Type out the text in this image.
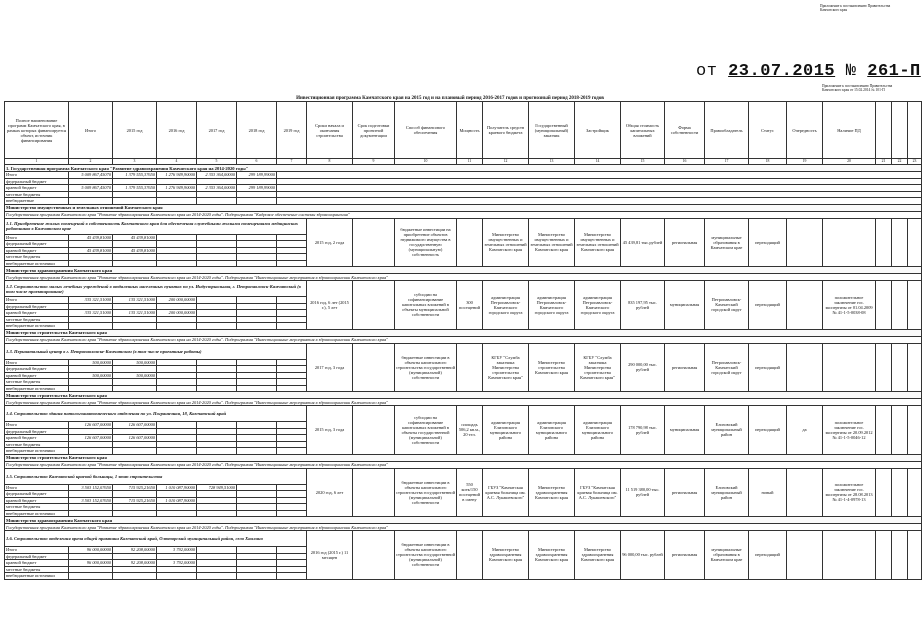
Приложение к постановлению Правительства Камчатского края
от 23.07.2015 № 261-П
Приложение к постановлению Правительства Камчатского края от 15.02.2014 № 101-П
Инвестиционная программа Камчатского края на 2015 год и на плановый период 2016-2017 годов и прогнозный период 2018-2019 годов
Полное наименование программ Камчатского края, в рамках которых финансируется объект, источник финансирования	Итого	2015 год	2016 год	2017 год	2018 год	2019 год	Сроки начала и окончания строительства	Срок подготовки проектной документации	Способ финансового обеспечения	Мощность	Получатель средств краевого бюджета	Государственный (муниципальный) заказчик	Застройщик	Общая стоимость капитальных вложений	Форма собственности	Правообладатель	Статус	Очередность	Наличие ПД			
1	2	3	4	5	6	7	8	9	10	11	12	13	14	15	16	17	18	19	20	21	22	23
1. Государственная программа Камчатского края "Развитие здравоохранения Камчатского края на 2014-2020 годы"																						
Итого	5 009 867,45070	1 379 555,37650	1 276 949,90000	2 353 364,00000	299 189,99000																	
федеральный бюджет																						
краевой бюджет	5 009 867,45070	1 379 555,37650	1 276 949,90000	2 353 364,00000	299 189,99000																	
местные бюджеты																						
внебюджетные																						
Министерство имущественных и земельных отношений Камчатского края																						
Государственная программа Камчатского края "Развитие здравоохранения Камчатского края на 2014-2020 годы". Подпрограмма "Кадровое обеспечение системы здравоохранения"																						
1.1. Приобретение жилых помещений в собственность Камчатского края для обеспечения служебными жилыми помещениями медицинских работников в Камчатском крае							2015 год, 2 года		бюджетные инвестиции на приобретение объектов недвижимого имущества в государственную (муниципальную) собственность		Министерство имущественных и земельных отношений Камчатского края	Министерство имущественных и земельных отношений Камчатского края	Министерство имущественных и земельных отношений Камчатского края	45 439,81 тыс.рублей	региональная	муниципальные образования в Камчатском крае	переходящий					
Итого	45 439,81000	45 439,81000																				
федеральный бюджет																						
краевой бюджет	45 439,81000	45 439,81000																				
местные бюджеты																						
внебюджетные источники																						
Министерство здравоохранения Камчатского края																						
Государственная программа Камчатского края "Развитие здравоохранения Камчатского края на 2014-2020 годы". Подпрограмма "Инвестиционные мероприятия в здравоохранении Камчатского края"																						
1.2. Строительство малых лечебных учреждений в отдаленных населенных пунктах по ул. Индустриальная, г. Петропавловск-Камчатский (в том числе проектирование)							2016 год, 6 лет (2015 г.), 5 лет		субсидии на софинансирование капитальных вложений в объекты муниципальной собственности	300 посещений	администрация Петропавловск-Камчатского городского округа	администрация Петропавловск-Камчатского городского округа	администрация Петропавловск-Камчатского городского округа	835 197,95 тыс. рублей	муниципальная	Петропавловск-Камчатский городской округ	переходящий		положительное заключение гос. экспертизы от 01.04.2009 № 41-1-5-0038-08			
Итого	335 321,51000	135 321,51000	200 000,00000																			
федеральный бюджет																						
краевой бюджет	335 321,51000	135 321,51000	200 000,00000																			
местные бюджеты																						
внебюджетные источники																						
Министерство строительства Камчатского края																						
Государственная программа Камчатского края "Развитие здравоохранения Камчатского края на 2014-2020 годы". Подпрограмма "Инвестиционные мероприятия в здравоохранении Камчатского края"																						
1.3. Перинатальный центр в г. Петропавловске-Камчатском (в том числе проектные работы)							2017 год, 3 года		бюджетные инвестиции в объекты капитального строительства государственной (муниципальной) собственности		КГБУ "Служба заказчика Министерства строительства Камчатского края"	Министерство строительства Камчатского края	КГБУ "Служба заказчика Министерства строительства Камчатского края"	290 000,00 тыс. рублей	региональная	Петропавловск-Камчатский городской округ	переходящий					
Итого	500,00000	500,00000																				
федеральный бюджет																						
краевой бюджет	500,00000	500,00000																				
местные бюджеты																						
внебюджетные источники																						
Министерство строительства Камчатского края																						
Государственная программа Камчатского края "Развитие здравоохранения Камчатского края на 2014-2020 годы". Подпрограмма "Инвестиционные мероприятия в здравоохранении Камчатского края"																						
1.4. Строительство здания патологоанатомического отделения по ул. Пограничная, 18, Камчатский край							2015 год, 3 года		субсидии на софинансирование капитальных вложений в объекты государственной (муниципальной) собственности	площадь 506,2 кв.м., 20 тел.	администрация Елизовского муниципального района	администрация Елизовского муниципального района	администрация Елизовского муниципального района	178 790,98 тыс. рублей	муниципальная	Елизовский муниципальный район	переходящий	да	положительное заключение гос. экспертизы от 20.09.2012 № 41-1-5-0046-12			
Итого	126 607,00000	126 607,00000																				
федеральный бюджет																						
краевой бюджет	126 607,00000	126 607,00000																				
местные бюджеты																						
внебюджетные источники																						
Министерство строительства Камчатского края																						
Государственная программа Камчатского края "Развитие здравоохранения Камчатского края на 2014-2020 годы". Подпрограмма "Инвестиционные мероприятия в здравоохранении Камчатского края"																						
1.5. Строительство Камчатской краевой больницы, 1 этап строительства							2020 год, 6 лет		бюджетные инвестиции в объекты капитального строительства государственной (муниципальной) собственности	550 коек/150 посещений в смену	ГБУЗ "Камчатская краевая больница им. А.С. Лукашевского"	Министерство здравоохранения Камчатского края	ГБУЗ "Камчатская краевая больница им. А.С. Лукашевского"	11 519 380,00 тыс. рублей	региональная	Елизовский муниципальный район	новый		положительное заключение гос. экспертизы от 28.08.2013 № 41-1-4-0978-13			
Итого	3 503 152,07650	715 925,21650	1 010 087,90000	728 949,51000																		
федеральный бюджет																						
краевой бюджет	3 503 152,07650	715 925,21650	1 010 087,90000																			
местные бюджеты																						
внебюджетные источники																						
Министерство здравоохранения Камчатского края																						
Государственная программа Камчатского края "Развитие здравоохранения Камчатского края на 2014-2020 годы". Подпрограмма "Инвестиционные мероприятия в здравоохранении Камчатского края"																						
1.6. Строительство отделения врача общей практики Камчатский край, Олюторский муниципальный район, село Хаилино							2016 год (2015 г.) 11 месяцев		бюджетные инвестиции в объекты капитального строительства государственной (муниципальной) собственности		Министерство здравоохранения Камчатского края	Министерство здравоохранения Камчатского края	Министерство здравоохранения Камчатского края	96 000,00 тыс. рублей	региональная	муниципальные образования в Камчатском крае	переходящий					
Итого	96 000,00000	92 208,00000	3 792,00000																			
федеральный бюджет																						
краевой бюджет	96 000,00000	92 208,00000	3 792,00000																			
местные бюджеты																						
внебюджетные источники																						
